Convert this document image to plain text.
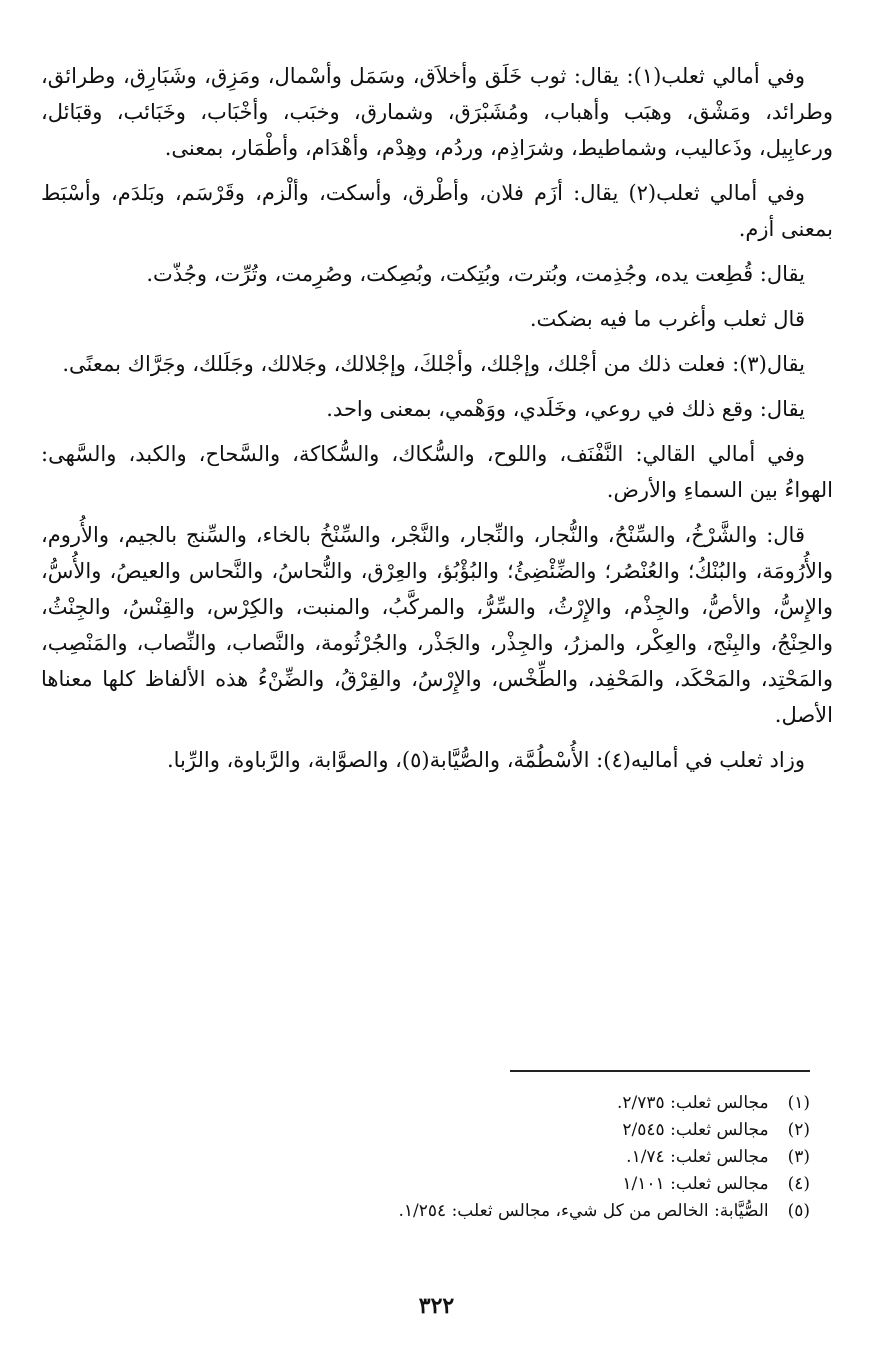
وفي أمالي ثعلب(١): يقال: ثوب خَلَق وأخلاَق، وسَمَل وأسْمال، ومَزِق، وشَبَارِق، وطرائق، وطرائد، ومَشْق، وهبَب وأهباب، ومُشَبْرَق، وشمارق، وخبَب، وأخْبَاب، وخَبَائب، وقبَائل، ورعابِيل، وذَعاليب، وشماطيط، وشرَاذِم، وردُم، وهِدْم، وأهْدَام، وأطْمَار، بمعنى.

وفي أمالي ثعلب(٢) يقال: أزَم فلان، وأطْرق، وأسكت، وألْزم، وقَرْسَم، وبَلدَم، وأسْبَط بمعنى أزم.

يقال: قُطِعت يده، وجُذِمت، وبُترت، وبُتِكت، وبُصِكت، وصُرِمت، وتُرِّت، وجُذّت.

قال ثعلب وأغرب ما فيه بضكت.

يقال(٣): فعلت ذلك من أجْلك، وإجْلك، وأجْلكَ، وإجْلالك، وجَلالك، وجَلَلك، وجَرَّاك بمعنًى.

يقال: وقع ذلك في روعي، وخَلَدي، ووَهْمي، بمعنى واحد.

وفي أمالي القالي: النَّفْنَف، واللوح، والسُّكاك، والسُّكاكة، والسَّحاح، والكبد، والسَّهى: الهواءُ بين السماءِ والأرض.

قال: والشَّرْخُ، والسِّنْحُ، والنُّجار، والنِّجار، والنَّجْر، والسِّنْخُ بالخاء، والسِّنج بالجيم، والأُروم، والأُرُومَة، والبُنْكُ؛ والعُنْصُر؛ والضِّئْضِئُ؛ والبُؤْبُؤ، والعِرْق، والنُّحاسُ، والنَّحاس والعيصُ، والأُسُّ، والإِسُّ، والأصُّ، والجِذْم، والإِرْثُ، والسِّرُّ، والمركَّبُ، والمنبت، والكِرْس، والقِنْسُ، والجِنْثُ، والحِنْجُ، والبِنْج، والعِكْر، والمزرُ، والجِذْر، والجَذْر، والجُرْثُومة، والنَّصاب، والنِّصاب، والمَنْصِب، والمَحْتِد، والمَحْكَد، والمَحْفِد، والطِّخْس، والإِرْسُ، والقِرْقُ، والضِّنْءُ هذه الألفاظ كلها معناها الأصل.

وزاد ثعلب في أماليه(٤): الأُسْطُمَّة، والصُّيَّابة(٥)، والصوَّابة، والرَّباوة، والرِّبا.

(١) مجالس ثعلب: ٢/٧٣٥.
(٢) مجالس ثعلب: ٢/٥٤٥
(٣) مجالس ثعلب: ١/٧٤.
(٤) مجالس ثعلب: ١/١٠١
(٥) الصُّيَّابة: الخالص من كل شيء، مجالس ثعلب: ١/٢٥٤.
٣٢٢
